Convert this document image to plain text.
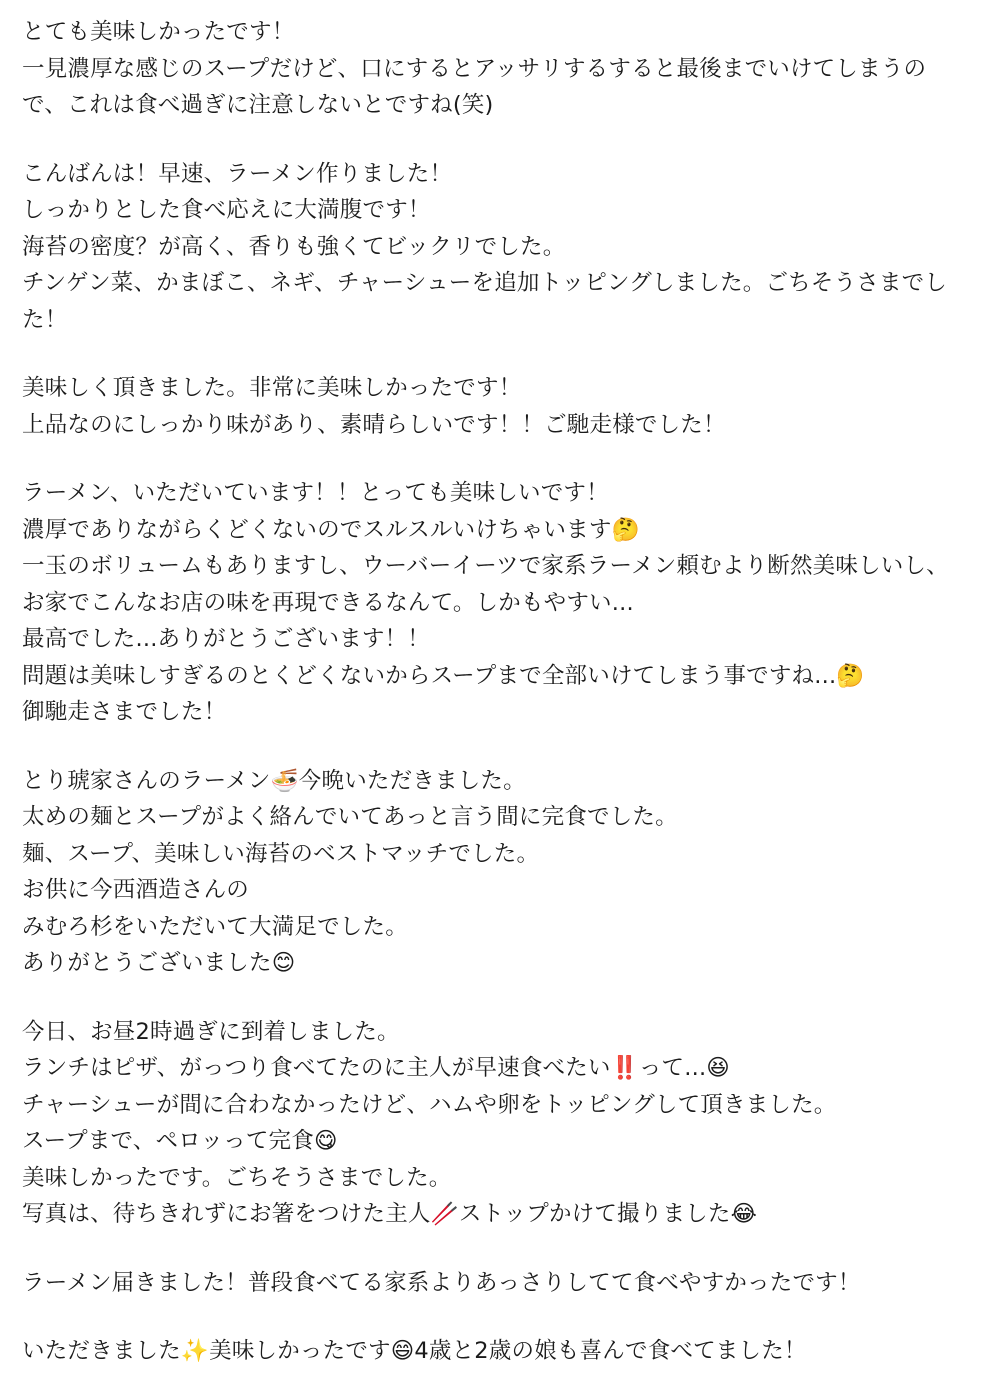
とても美味しかったです！
一見濃厚な感じのスープだけど、口にするとアッサリするすると最後までいけてしまうの
で、これは食べ過ぎに注意しないとですね(笑)
こんばんは！早速、ラーメン作りました！
しっかりとした食べ応えに大満腹です！
海苔の密度？が高く、香りも強くてビックリでした。
チンゲン菜、かまぼこ、ネギ、チャーシューを追加トッピングしました。ごちそうさまでし
た！
美味しく頂きました。非常に美味しかったです！
上品なのにしっかり味があり、素晴らしいです！！ご馳走様でした！
ラーメン、いただいています！！とっても美味しいです！
濃厚でありながらくどくないのでスルスルいけちゃいます🤔
一玉のボリュームもありますし、ウーバーイーツで家系ラーメン頼むより断然美味しいし、
お家でこんなお店の味を再現できるなんて。しかもやすい...
最高でした...ありがとうございます！！
問題は美味しすぎるのとくどくないからスープまで全部いけてしまう事ですね...🤔
御馳走さまでした！
とり琥家さんのラーメン🍜今晩いただきました。
太めの麺とスープがよく絡んでいてあっと言う間に完食でした。
麺、スープ、美味しい海苔のベストマッチでした。
お供に今西酒造さんの
みむろ杉をいただいて大満足でした。
ありがとうございました😊
今日、お昼2時過ぎに到着しました。
ランチはピザ、がっつり食べてたのに主人が早速食べたい‼️って...😆
チャーシューが間に合わなかったけど、ハムや卵をトッピングして頂きました。
スープまで、ペロッって完食😋
美味しかったです。ごちそうさまでした。
写真は、待ちきれずにお箸をつけた主人🥢ストップかけて撮りました😂
ラーメン届きました！普段食べてる家系よりあっさりしてて食べやすかったです！
いただきました✨美味しかったです😄4歳と2歳の娘も喜んで食べてました！
